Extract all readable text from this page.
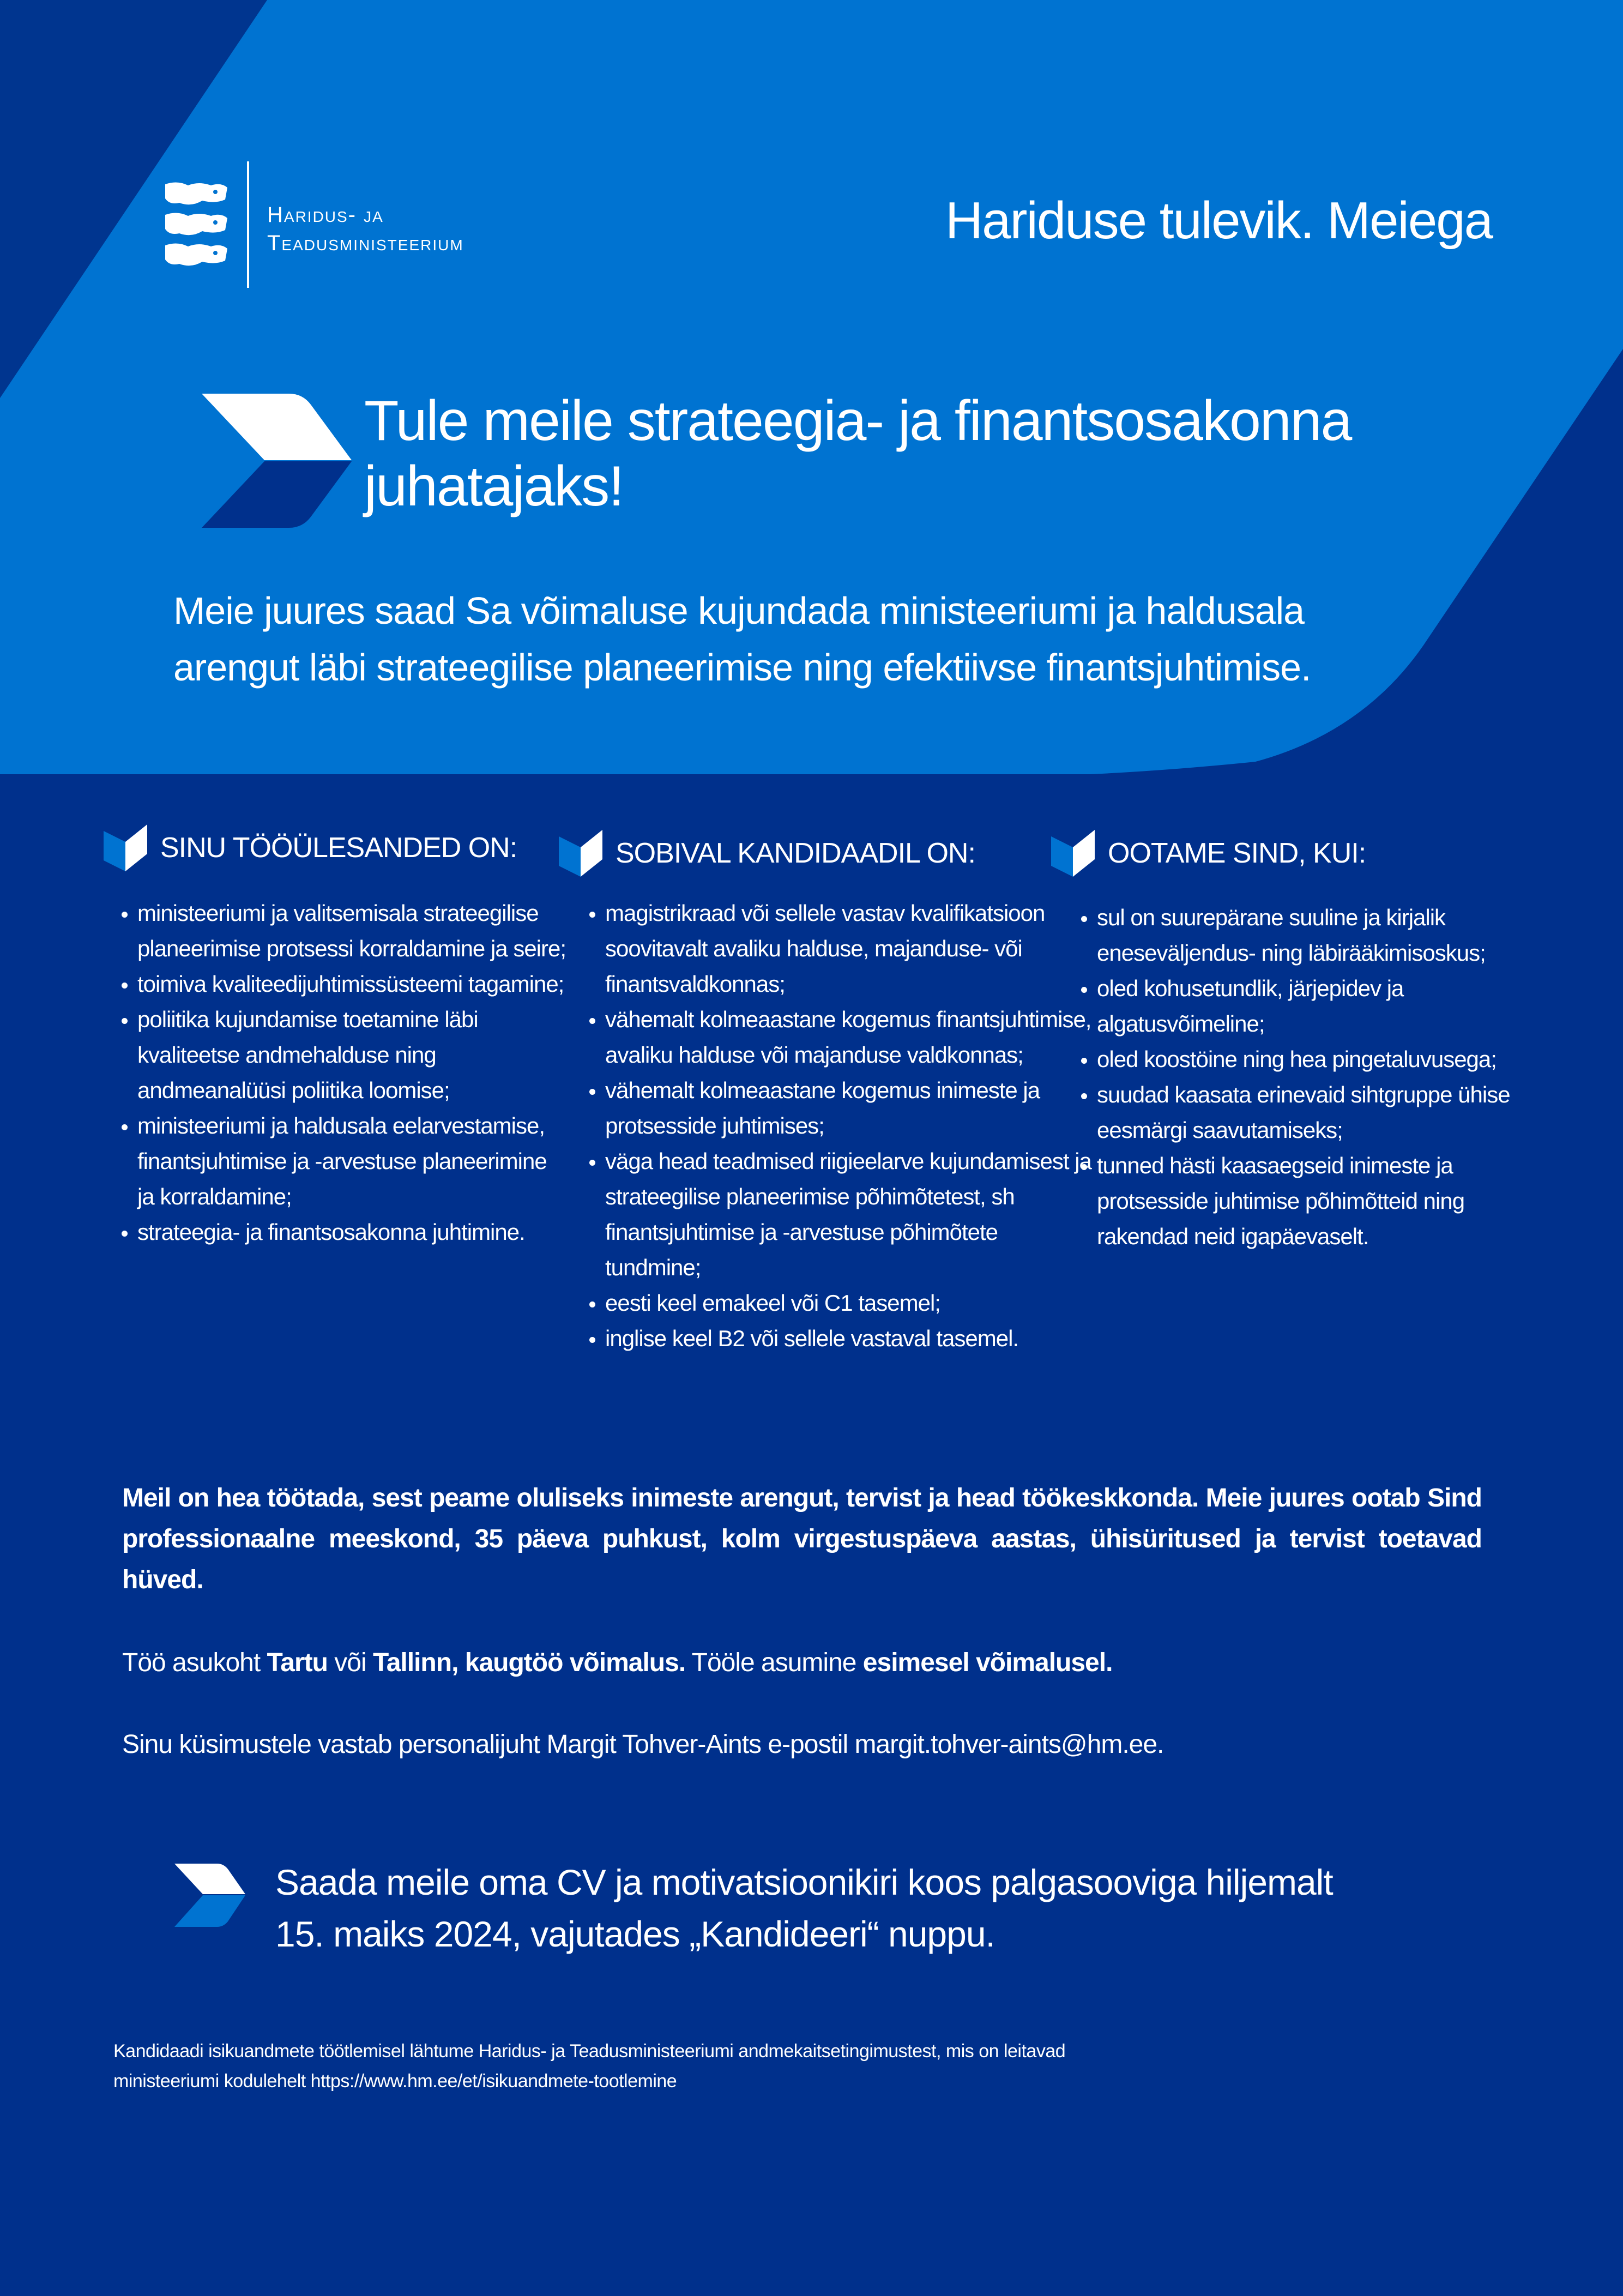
Haridus- ja
Teadusministeerium	Hariduse tulevik. Meiega
Tule meile strateegia- ja finantsosakonna
juhatajaks!
Meie juures saad Sa võimaluse kujundada ministeeriumi ja haldusala
arengut läbi strateegilise planeerimise ning efektiivse finantsjuhtimise.
SINU TÖÖÜLESANDED ON:
• ministeeriumi ja valitsemisala strateegilise planeerimise protsessi korraldamine ja seire;
• toimiva kvaliteedijuhtimissüsteemi tagamine;
• poliitika kujundamise toetamine läbi kvaliteetse andmehalduse ning andmeanalüüsi poliitika loomise;
• ministeeriumi ja haldusala eelarvestamise, finantsjuhtimise ja -arvestuse planeerimine ja korraldamine;
• strateegia- ja finantsosakonna juhtimine.
SOBIVAL KANDIDAADIL ON:
• magistrikraad või sellele vastav kvalifikatsioon soovitavalt avaliku halduse, majanduse- või finantsvaldkonnas;
• vähemalt kolmeaastane kogemus finantsjuhtimise, avaliku halduse või majanduse valdkonnas;
• vähemalt kolmeaastane kogemus inimeste ja protsesside juhtimises;
• väga head teadmised riigieelarve kujundamisest ja strateegilise planeerimise põhimõtetest, sh finantsjuhtimise ja -arvestuse põhimõtete tundmine;
• eesti keel emakeel või C1 tasemel;
• inglise keel B2 või sellele vastaval tasemel.
OOTAME SIND, KUI:
• sul on suurepärane suuline ja kirjalik eneseväljendus- ning läbirääkimisoskus;
• oled kohusetundlik, järjepidev ja algatusvõimeline;
• oled koostöine ning hea pingetaluvusega;
• suudad kaasata erinevaid sihtgruppe ühise eesmärgi saavutamiseks;
• tunned hästi kaasaegseid inimeste ja protsesside juhtimise põhimõtteid ning rakendad neid igapäevaselt.
Meil on hea töötada, sest peame oluliseks inimeste arengut, tervist ja head töökeskkonda. Meie juures ootab Sind professionaalne meeskond, 35 päeva puhkust, kolm virgestuspäeva aastas, ühisüritused ja tervist toetavad hüved.
Töö asukoht Tartu või Tallinn, kaugtöö võimalus. Tööle asumine esimesel võimalusel.
Sinu küsimustele vastab personalijuht Margit Tohver-Aints e-postil margit.tohver-aints@hm.ee.
Saada meile oma CV ja motivatsioonikiri koos palgasooviga hiljemalt
15. maiks 2024, vajutades „Kandideeri“ nuppu.
Kandidaadi isikuandmete töötlemisel lähtume Haridus- ja Teadusministeeriumi andmekaitsetingimustest, mis on leitavad
ministeeriumi kodulehelt https://www.hm.ee/et/isikuandmete-tootlemine
